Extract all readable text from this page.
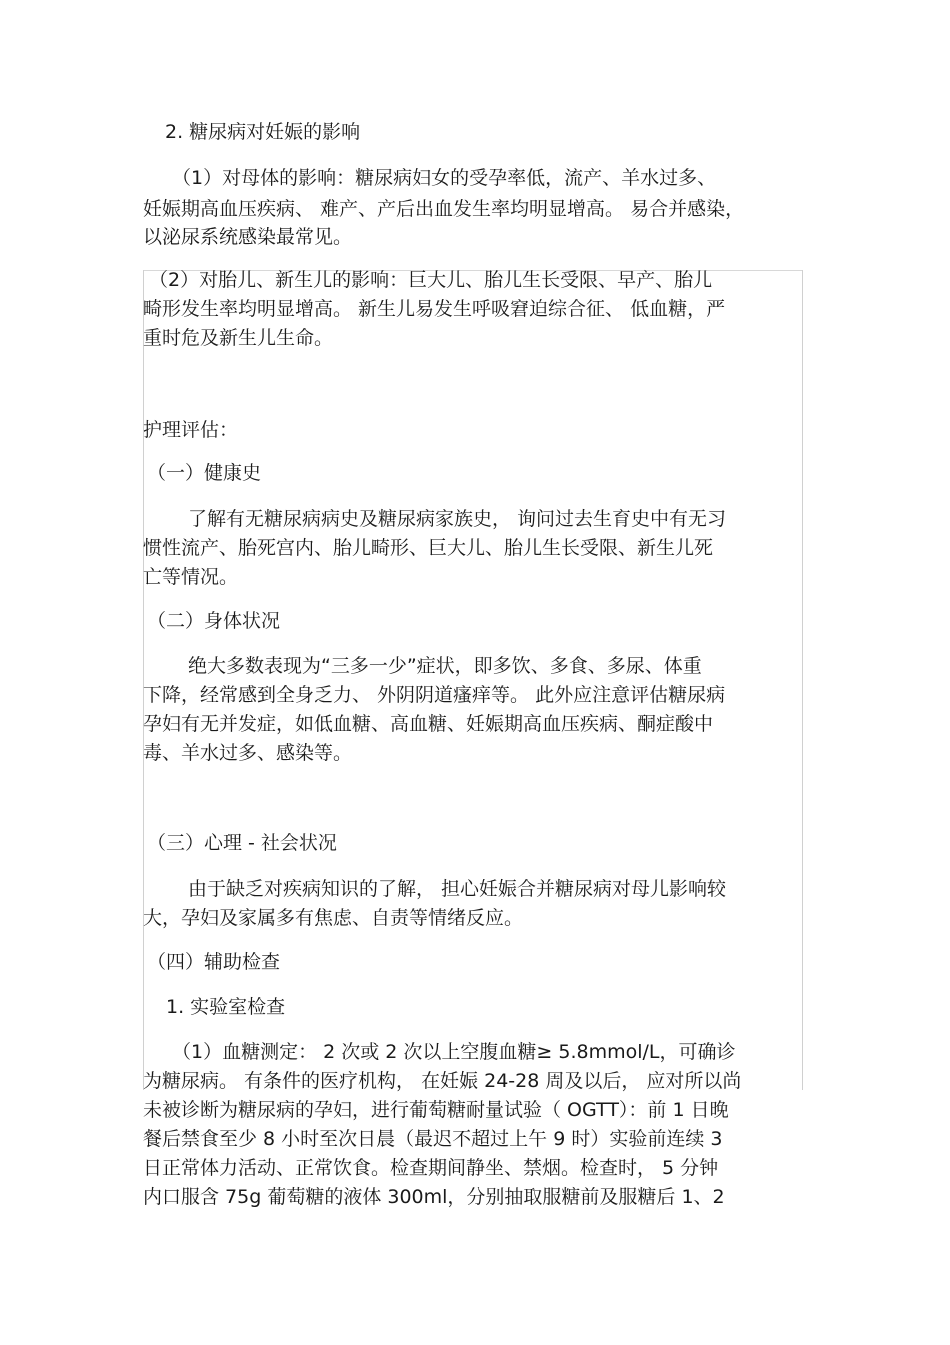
2. 糖尿病对妊娠的影响
（1）对母体的影响：糖尿病妇女的受孕率低，流产、羊水过多、
妊娠期高血压疾病、 难产、产后出血发生率均明显增高。 易合并感染，
以泌尿系统感染最常见。
（2）对胎儿、新生儿的影响：巨大儿、胎儿生长受限、早产、胎儿
畸形发生率均明显增高。 新生儿易发生呼吸窘迫综合征、 低血糖，严
重时危及新生儿生命。
护理评估：
（一）健康史
了解有无糖尿病病史及糖尿病家族史， 询问过去生育史中有无习
惯性流产、胎死宫内、胎儿畸形、巨大儿、胎儿生长受限、新生儿死
亡等情况。
（二）身体状况
绝大多数表现为“三多一少”症状，即多饮、多食、多尿、体重
下降，经常感到全身乏力、 外阴阴道瘙痒等。 此外应注意评估糖尿病
孕妇有无并发症，如低血糖、高血糖、妊娠期高血压疾病、酮症酸中
毒、羊水过多、感染等。
（三）心理 - 社会状况
由于缺乏对疾病知识的了解， 担心妊娠合并糖尿病对母儿影响较
大，孕妇及家属多有焦虑、自责等情绪反应。
（四）辅助检查
1. 实验室检查
（1）血糖测定： 2 次或 2 次以上空腹血糖≥ 5.8mmol/L，可确诊
为糖尿病。 有条件的医疗机构， 在妊娠 24-28 周及以后， 应对所以尚
未被诊断为糖尿病的孕妇，进行葡萄糖耐量试验（ OGTT）：前 1 日晚
餐后禁食至少 8 小时至次日晨（最迟不超过上午 9 时）实验前连续 3
日正常体力活动、正常饮食。检查期间静坐、禁烟。检查时， 5 分钟
内口服含 75g 葡萄糖的液体 300ml，分别抽取服糖前及服糖后 1、2
